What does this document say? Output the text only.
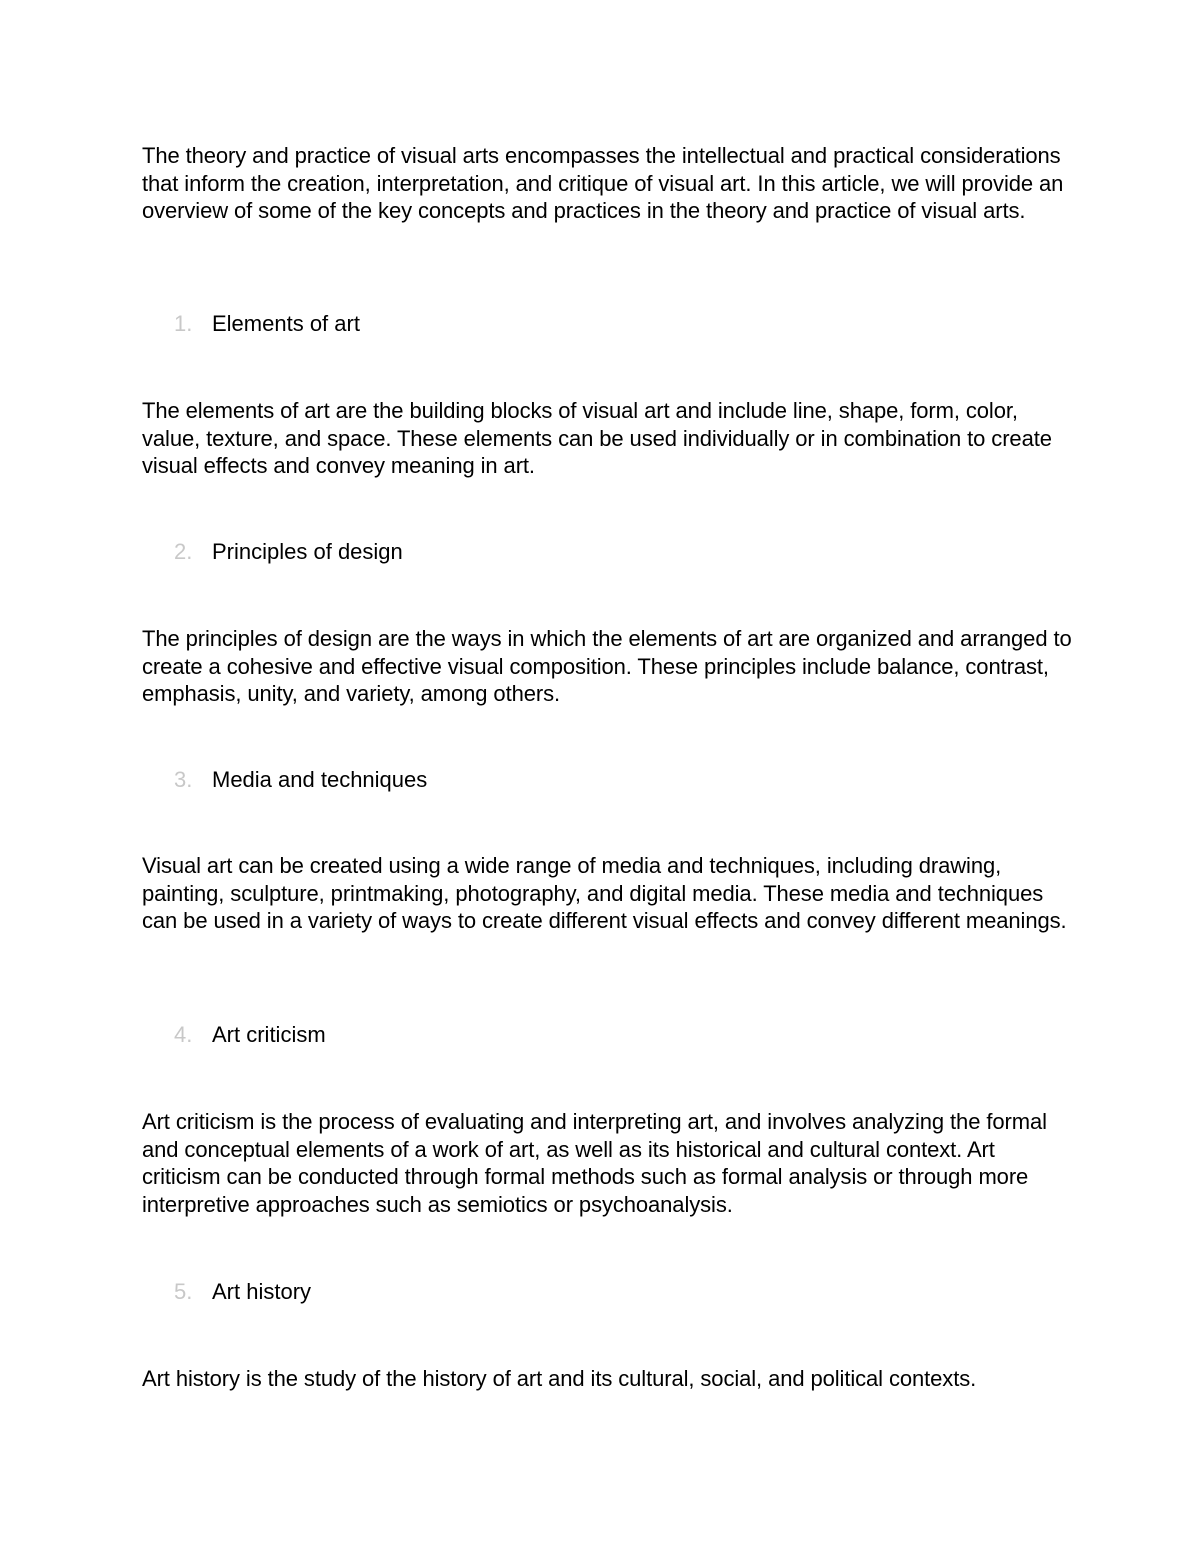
The theory and practice of visual arts encompasses the intellectual and practical considerations that inform the creation, interpretation, and critique of visual art. In this article, we will provide an overview of some of the key concepts and practices in the theory and practice of visual arts.

1. Elements of art

The elements of art are the building blocks of visual art and include line, shape, form, color, value, texture, and space. These elements can be used individually or in combination to create visual effects and convey meaning in art.

2. Principles of design

The principles of design are the ways in which the elements of art are organized and arranged to create a cohesive and effective visual composition. These principles include balance, contrast, emphasis, unity, and variety, among others.

3. Media and techniques

Visual art can be created using a wide range of media and techniques, including drawing, painting, sculpture, printmaking, photography, and digital media. These media and techniques can be used in a variety of ways to create different visual effects and convey different meanings.

4. Art criticism

Art criticism is the process of evaluating and interpreting art, and involves analyzing the formal and conceptual elements of a work of art, as well as its historical and cultural context. Art criticism can be conducted through formal methods such as formal analysis or through more interpretive approaches such as semiotics or psychoanalysis.

5. Art history

Art history is the study of the history of art and its cultural, social, and political contexts.
